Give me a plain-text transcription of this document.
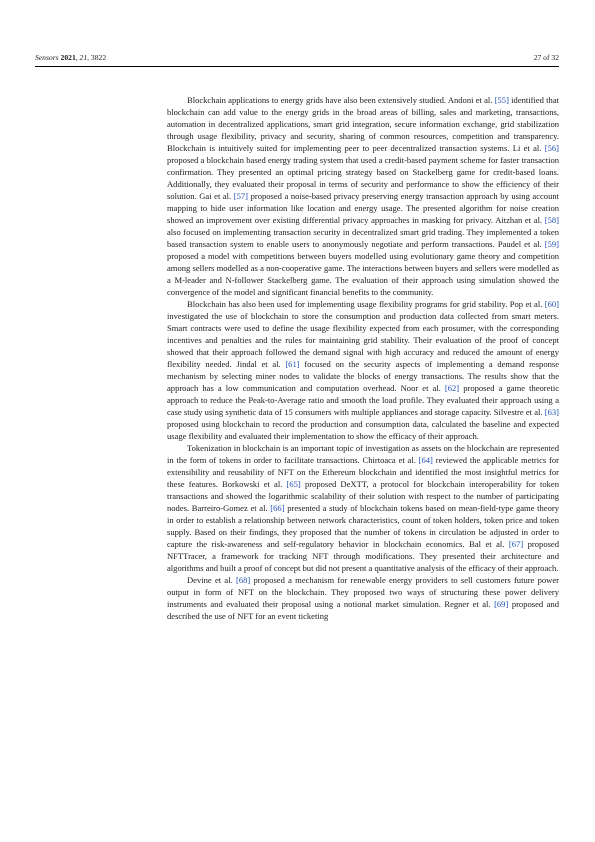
Sensors 2021, 21, 3822	27 of 32

Blockchain applications to energy grids have also been extensively studied. Andoni et al. [55] identified that blockchain can add value to the energy grids in the broad areas of billing, sales and marketing, transactions, automation in decentralized applications, smart grid integration, secure information exchange, grid stabilization through usage flexibility, privacy and security, sharing of common resources, competition and transparency. Blockchain is intuitively suited for implementing peer to peer decentralized transaction systems. Li et al. [56] proposed a blockchain based energy trading system that used a credit-based payment scheme for faster transaction confirmation. They presented an optimal pricing strategy based on Stackelberg game for credit-based loans. Additionally, they evaluated their proposal in terms of security and performance to show the efficiency of their solution. Gai et al. [57] proposed a noise-based privacy preserving energy transaction approach by using account mapping to hide user information like location and energy usage. The presented algorithm for noise creation showed an improvement over existing differential privacy approaches in masking for privacy. Aitzhan et al. [58] also focused on implementing transaction security in decentralized smart grid trading. They implemented a token based transaction system to enable users to anonymously negotiate and perform transactions. Paudel et al. [59] proposed a model with competitions between buyers modelled using evolutionary game theory and competition among sellers modelled as a non-cooperative game. The interactions between buyers and sellers were modelled as a M-leader and N-follower Stackelberg game. The evaluation of their approach using simulation showed the convergence of the model and significant financial benefits to the community.

Blockchain has also been used for implementing usage flexibility programs for grid stability. Pop et al. [60] investigated the use of blockchain to store the consumption and production data collected from smart meters. Smart contracts were used to define the usage flexibility expected from each prosumer, with the corresponding incentives and penalties and the rules for maintaining grid stability. Their evaluation of the proof of concept showed that their approach followed the demand signal with high accuracy and reduced the amount of energy flexibility needed. Jindal et al. [61] focused on the security aspects of implementing a demand response mechanism by selecting miner nodes to validate the blocks of energy transactions. The results show that the approach has a low communication and computation overhead. Noor et al. [62] proposed a game theoretic approach to reduce the Peak-to-Average ratio and smooth the load profile. They evaluated their approach using a case study using synthetic data of 15 consumers with multiple appliances and storage capacity. Silvestre et al. [63] proposed using blockchain to record the production and consumption data, calculated the baseline and expected usage flexibility and evaluated their implementation to show the efficacy of their approach.

Tokenization in blockchain is an important topic of investigation as assets on the blockchain are represented in the form of tokens in order to facilitate transactions. Chirtoaca et al. [64] reviewed the applicable metrics for extensibility and reusability of NFT on the Ethereum blockchain and identified the most insightful metrics for these features. Borkowski et al. [65] proposed DeXTT, a protocol for blockchain interoperability for token transactions and showed the logarithmic scalability of their solution with respect to the number of participating nodes. Barreiro-Gomez et al. [66] presented a study of blockchain tokens based on mean-field-type game theory in order to establish a relationship between network characteristics, count of token holders, token price and token supply. Based on their findings, they proposed that the number of tokens in circulation be adjusted in order to capture the risk-awareness and self-regulatory behavior in blockchain economics. Bal et al. [67] proposed NFTTracer, a framework for tracking NFT through modifications. They presented their architecture and algorithms and built a proof of concept but did not present a quantitative analysis of the efficacy of their approach.

Devine et al. [68] proposed a mechanism for renewable energy providers to sell customers future power output in form of NFT on the blockchain. They proposed two ways of structuring these power delivery instruments and evaluated their proposal using a notional market simulation. Regner et al. [69] proposed and described the use of NFT for an event ticketing
